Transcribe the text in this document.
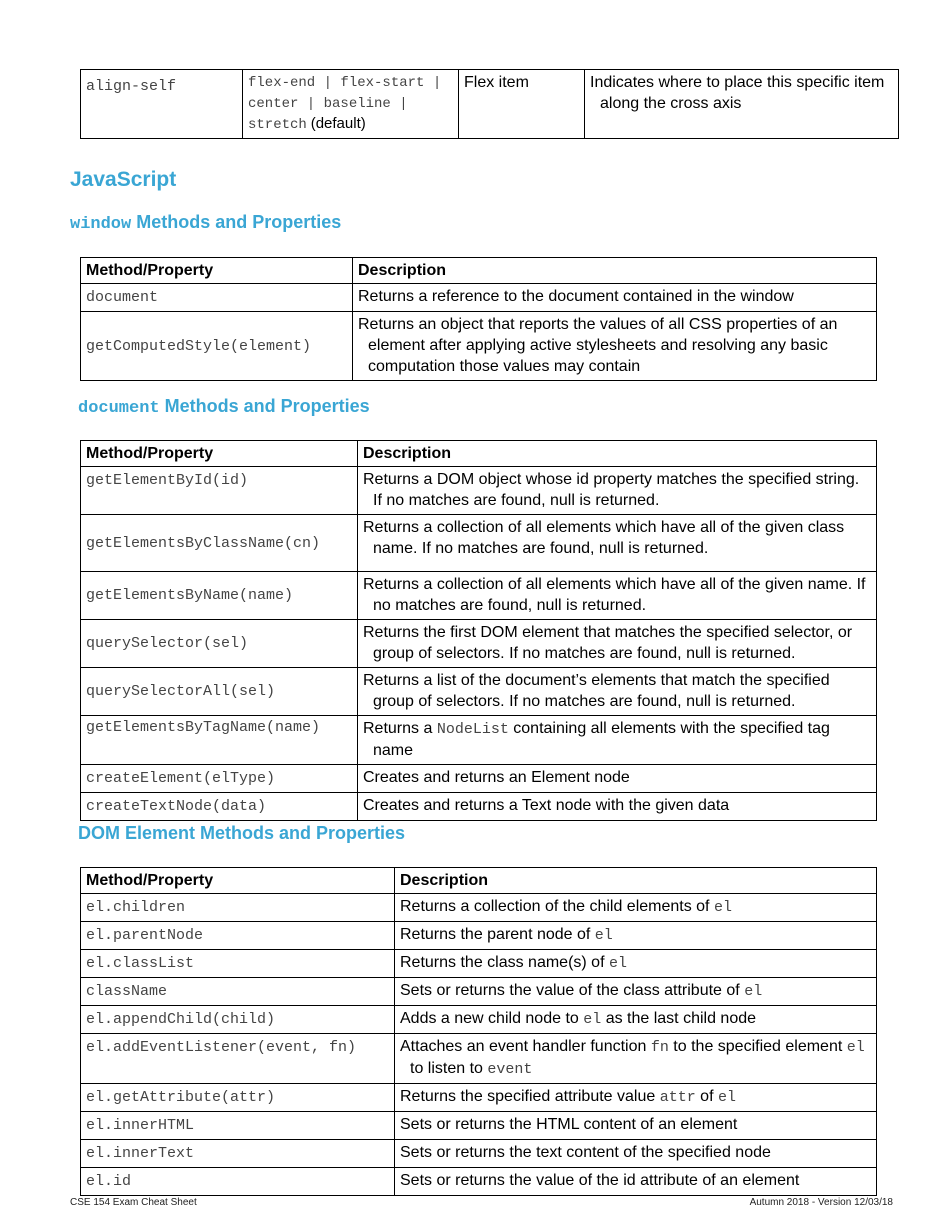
align-self	flex-end | flex-start | center | baseline | stretch (default)	Flex item	Indicates where to place this specific item along the cross axis
JavaScript
window Methods and Properties
Method/Property	Description
document	Returns a reference to the document contained in the window
getComputedStyle(element)	Returns an object that reports the values of all CSS properties of an element after applying active stylesheets and resolving any basic computation those values may contain
document Methods and Properties
Method/Property	Description
getElementById(id)	Returns a DOM object whose id property matches the specified string. If no matches are found, null is returned.
getElementsByClassName(cn)	Returns a collection of all elements which have all of the given class name. If no matches are found, null is returned.
getElementsByName(name)	Returns a collection of all elements which have all of the given name. If no matches are found, null is returned.
querySelector(sel)	Returns the first DOM element that matches the specified selector, or group of selectors. If no matches are found, null is returned.
querySelectorAll(sel)	Returns a list of the document’s elements that match the specified group of selectors. If no matches are found, null is returned.
getElementsByTagName(name)	Returns a NodeList containing all elements with the specified tag name
createElement(elType)	Creates and returns an Element node
createTextNode(data)	Creates and returns a Text node with the given data
DOM Element Methods and Properties
Method/Property	Description
el.children	Returns a collection of the child elements of el
el.parentNode	Returns the parent node of el
el.classList	Returns the class name(s) of el
className	Sets or returns the value of the class attribute of el
el.appendChild(child)	Adds a new child node to el as the last child node
el.addEventListener(event, fn)	Attaches an event handler function fn to the specified element el to listen to event
el.getAttribute(attr)	Returns the specified attribute value attr of el
el.innerHTML	Sets or returns the HTML content of an element
el.innerText	Sets or returns the text content of the specified node
el.id	Sets or returns the value of the id attribute of an element
CSE 154 Exam Cheat Sheet	Autumn 2018 - Version 12/03/18
